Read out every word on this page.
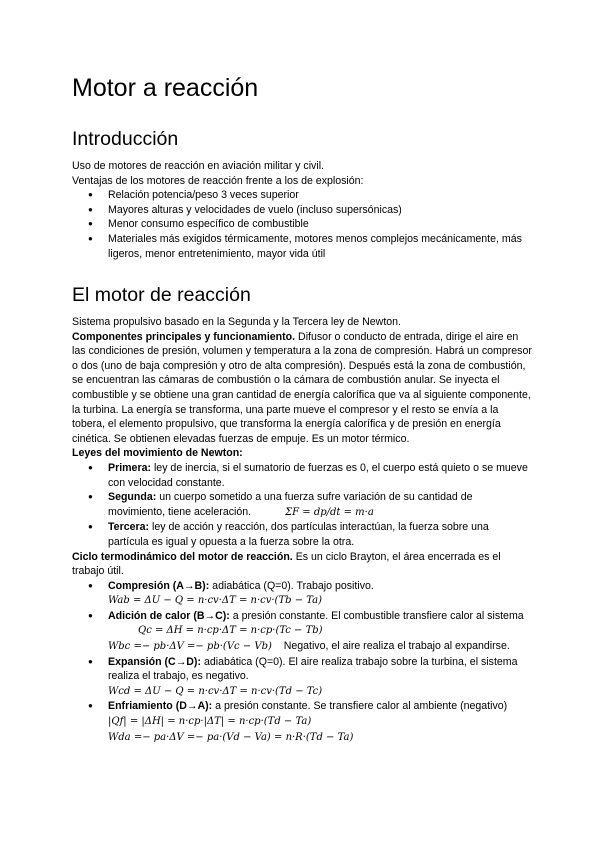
Motor a reacción
Introducción

Uso de motores de reacción en aviación militar y civil.

Ventajas de los motores de reacción frente a los de explosión:

● Relación potencia/peso 3 veces superior
● Mayores alturas y velocidades de vuelo (incluso supersónicas)
● Menor consumo específico de combustible
● Materiales más exigidos térmicamente, motores menos complejos mecánicamente, más ligeros, menor entretenimiento, mayor vida útil
El motor de reacción

Sistema propulsivo basado en la Segunda y la Tercera ley de Newton.

Componentes principales y funcionamiento. Difusor o conducto de entrada, dirige el aire en las condiciones de presión, volumen y temperatura a la zona de compresión. Habrá un compresor o dos (uno de baja compresión y otro de alta compresión). Después está la zona de combustión, se encuentran las cámaras de combustión o la cámara de combustión anular. Se inyecta el combustible y se obtiene una gran cantidad de energía calorífica que va al siguiente componente, la turbina. La energía se transforma, una parte mueve el compresor y el resto se envía a la tobera, el elemento propulsivo, que transforma la energía calorífica y de presión en energía cinética. Se obtienen elevadas fuerzas de empuje. Es un motor térmico.

Leyes del movimiento de Newton:

● Primera: ley de inercia, si el sumatorio de fuerzas es 0, el cuerpo está quieto o se mueve con velocidad constante.
● Segunda: un cuerpo sometido a una fuerza sufre variación de su cantidad de movimiento, tiene aceleración.	ΣF = dp/dt = m·a
● Tercera: ley de acción y reacción, dos partículas interactúan, la fuerza sobre una partícula es igual y opuesta a la fuerza sobre la otra.

Ciclo termodinámico del motor de reacción. Es un ciclo Brayton, el área encerrada es el trabajo útil.

● Compresión (A→B): adiabática (Q=0). Trabajo positivo.
Wab = ΔU − Q = n·cv·ΔT = n·cv·(Tb − Ta)
● Adición de calor (B→C): a presión constante. El combustible transfiere calor al sistemaQc = ΔH = n·cp·ΔT = n·cp·(Tc − Tb)
Wbc =− pb·ΔV =− pb·(Vc − Vb) Negativo, el aire realiza el trabajo al expandirse.
● Expansión (C→D): adiabática (Q=0). El aire realiza trabajo sobre la turbina, el sistema realiza el trabajo, es negativo.
Wcd = ΔU − Q = n·cv·ΔT = n·cv·(Td − Tc)
● Enfriamiento (D→A): a presión constante. Se transfiere calor al ambiente (negativo)
|Qf| = |ΔH| = n·cp·|ΔT| = n·cp·(Td − Ta)
Wda =− pa·ΔV =− pa·(Vd − Va) = n·R·(Td − Ta)
